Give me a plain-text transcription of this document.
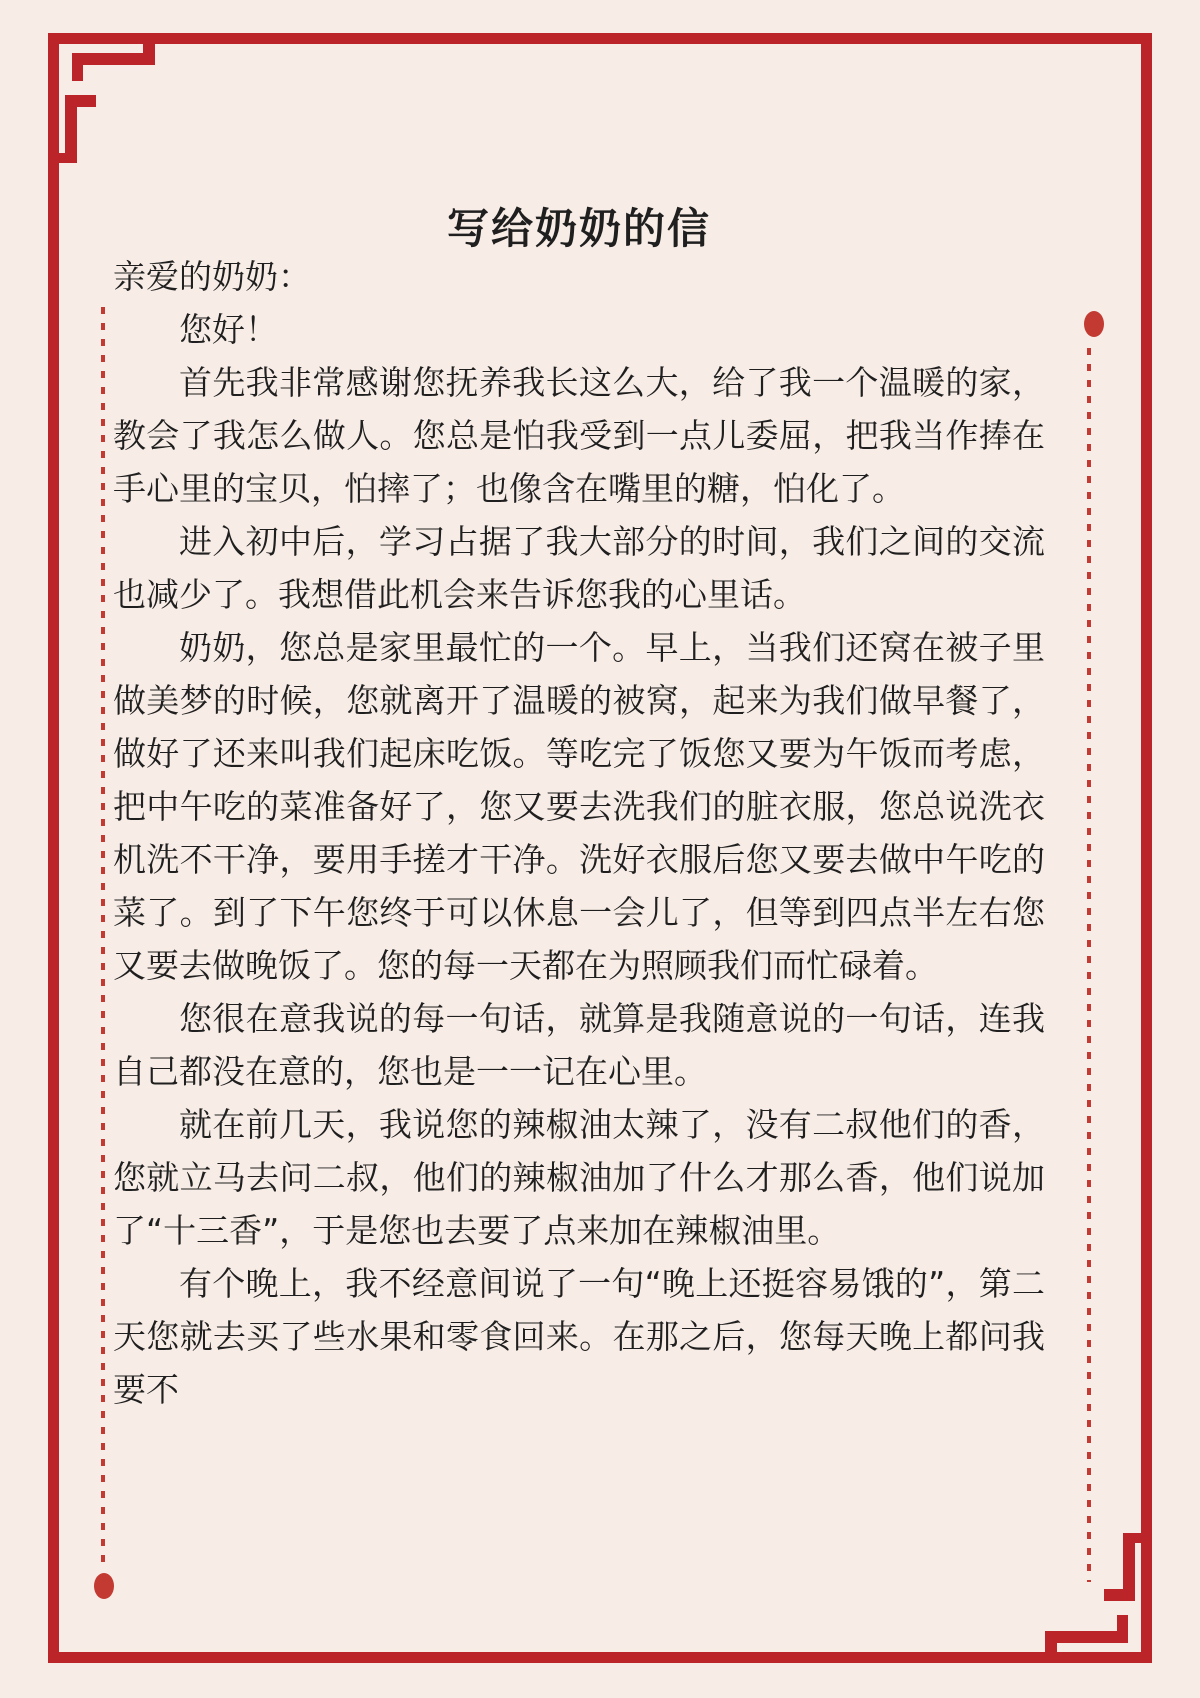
写给奶奶的信

亲爱的奶奶：

您好！

首先我非常感谢您抚养我长这么大，给了我一个温暖的家，教会了我怎么做人。您总是怕我受到一点儿委屈，把我当作捧在手心里的宝贝，怕摔了；也像含在嘴里的糖，怕化了。

进入初中后，学习占据了我大部分的时间，我们之间的交流也减少了。我想借此机会来告诉您我的心里话。

奶奶，您总是家里最忙的一个。早上，当我们还窝在被子里做美梦的时候，您就离开了温暖的被窝，起来为我们做早餐了，做好了还来叫我们起床吃饭。等吃完了饭您又要为午饭而考虑，把中午吃的菜准备好了，您又要去洗我们的脏衣服，您总说洗衣机洗不干净，要用手搓才干净。洗好衣服后您又要去做中午吃的菜了。到了下午您终于可以休息一会儿了，但等到四点半左右您又要去做晚饭了。您的每一天都在为照顾我们而忙碌着。

您很在意我说的每一句话，就算是我随意说的一句话，连我自己都没在意的，您也是一一记在心里。

就在前几天，我说您的辣椒油太辣了，没有二叔他们的香，您就立马去问二叔，他们的辣椒油加了什么才那么香，他们说加了“十三香”，于是您也去要了点来加在辣椒油里。

有个晚上，我不经意间说了一句“晚上还挺容易饿的”，第二天您就去买了些水果和零食回来。在那之后，您每天晚上都问我要不
